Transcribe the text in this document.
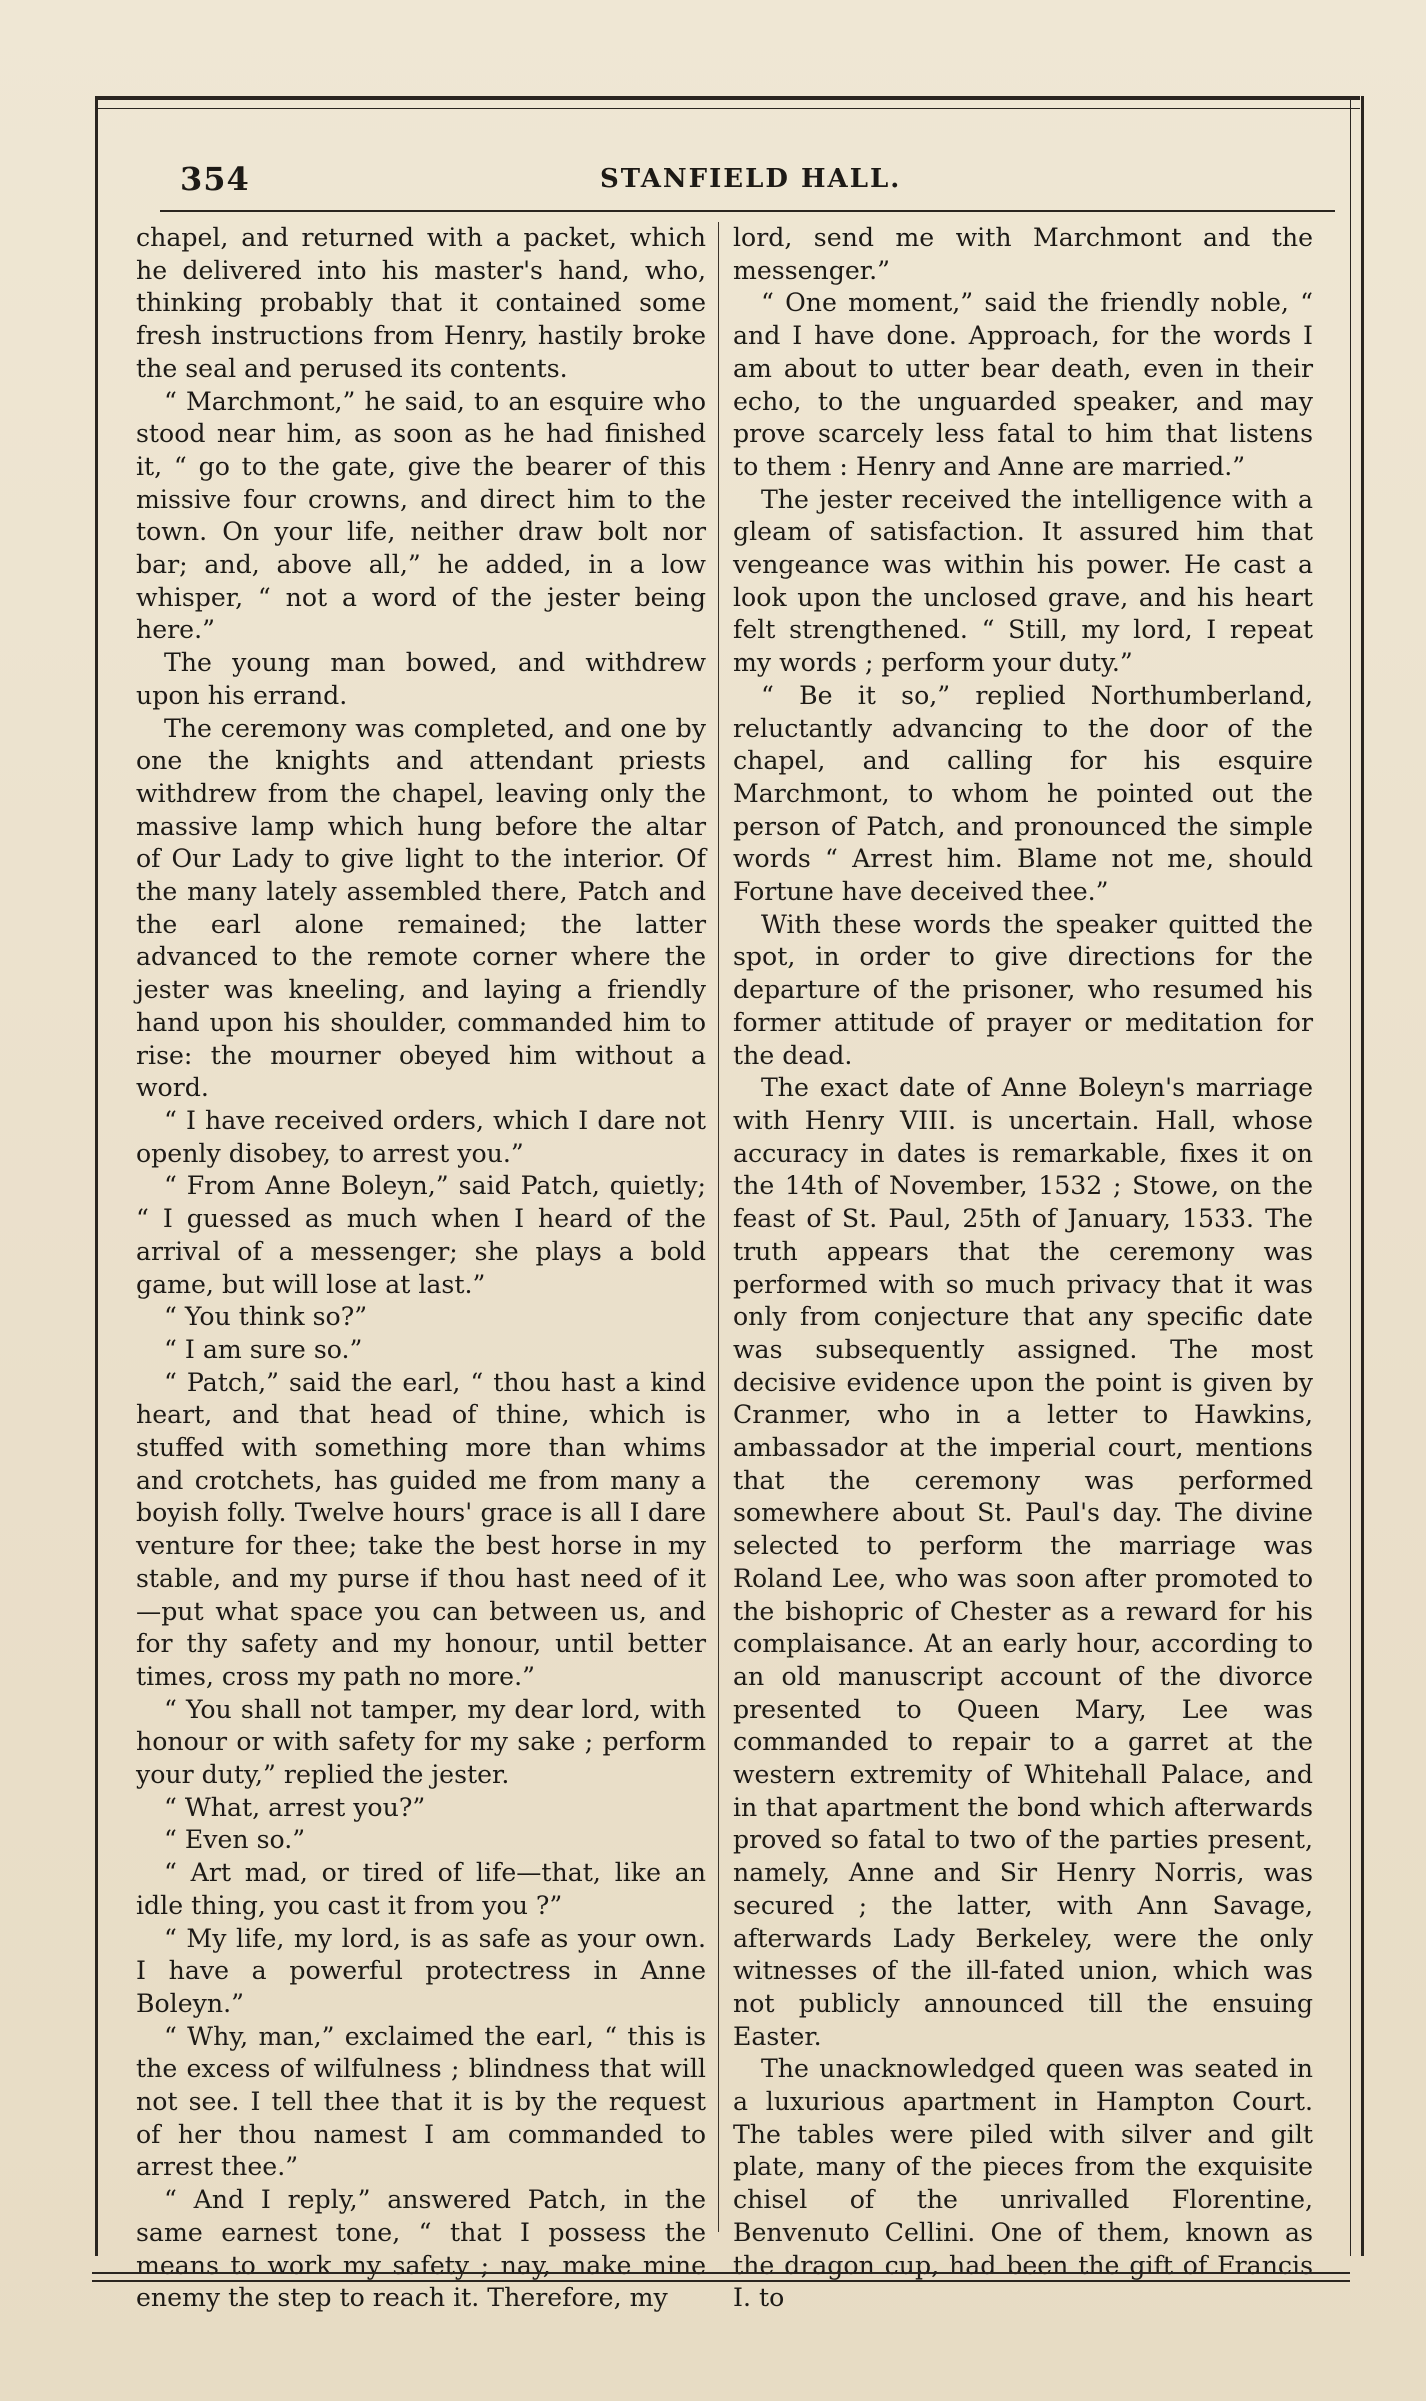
354	STANFIELD HALL.

chapel, and returned with a packet, which he delivered into his master's hand, who, thinking probably that it contained some fresh instructions from Henry, hastily broke the seal and perused its contents.

“ Marchmont,” he said, to an esquire who stood near him, as soon as he had finished it, “ go to the gate, give the bearer of this missive four crowns, and direct him to the town. On your life, neither draw bolt nor bar; and, above all,” he added, in a low whisper, “ not a word of the jester being here.”

The young man bowed, and withdrew upon his errand.

The ceremony was completed, and one by one the knights and attendant priests withdrew from the chapel, leaving only the massive lamp which hung before the altar of Our Lady to give light to the interior. Of the many lately assembled there, Patch and the earl alone remained; the latter advanced to the remote corner where the jester was kneeling, and laying a friendly hand upon his shoulder, commanded him to rise: the mourner obeyed him without a word.

“ I have received orders, which I dare not openly disobey, to arrest you.”

“ From Anne Boleyn,” said Patch, quietly; “ I guessed as much when I heard of the arrival of a messenger; she plays a bold game, but will lose at last.”

“ You think so?”

“ I am sure so.”

“ Patch,” said the earl, “ thou hast a kind heart, and that head of thine, which is stuffed with something more than whims and crotchets, has guided me from many a boyish folly. Twelve hours' grace is all I dare venture for thee; take the best horse in my stable, and my purse if thou hast need of it—put what space you can between us, and for thy safety and my honour, until better times, cross my path no more.”

“ You shall not tamper, my dear lord, with honour or with safety for my sake ; perform your duty,” replied the jester.

“ What, arrest you?”

“ Even so.”

“ Art mad, or tired of life—that, like an idle thing, you cast it from you ?”

“ My life, my lord, is as safe as your own. I have a powerful protectress in Anne Boleyn.”

“ Why, man,” exclaimed the earl, “ this is the excess of wilfulness ; blindness that will not see. I tell thee that it is by the request of her thou namest I am commanded to arrest thee.”

“ And I reply,” answered Patch, in the same earnest tone, “ that I possess the means to work my safety ; nay, make mine enemy the step to reach it. Therefore, my

lord, send me with Marchmont and the messenger.”

“ One moment,” said the friendly noble, “ and I have done. Approach, for the words I am about to utter bear death, even in their echo, to the unguarded speaker, and may prove scarcely less fatal to him that listens to them : Henry and Anne are married.”

The jester received the intelligence with a gleam of satisfaction. It assured him that vengeance was within his power. He cast a look upon the unclosed grave, and his heart felt strengthened. “ Still, my lord, I repeat my words ; perform your duty.”

“ Be it so,” replied Northumberland, reluctantly advancing to the door of the chapel, and calling for his esquire Marchmont, to whom he pointed out the person of Patch, and pronounced the simple words “ Arrest him. Blame not me, should Fortune have deceived thee.”

With these words the speaker quitted the spot, in order to give directions for the departure of the prisoner, who resumed his former attitude of prayer or meditation for the dead.

The exact date of Anne Boleyn's marriage with Henry VIII. is uncertain. Hall, whose accuracy in dates is remarkable, fixes it on the 14th of November, 1532 ; Stowe, on the feast of St. Paul, 25th of January, 1533. The truth appears that the ceremony was performed with so much privacy that it was only from conjecture that any specific date was subsequently assigned. The most decisive evidence upon the point is given by Cranmer, who in a letter to Hawkins, ambassador at the imperial court, mentions that the ceremony was performed somewhere about St. Paul's day. The divine selected to perform the marriage was Roland Lee, who was soon after promoted to the bishopric of Chester as a reward for his complaisance. At an early hour, according to an old manuscript account of the divorce presented to Queen Mary, Lee was commanded to repair to a garret at the western extremity of Whitehall Palace, and in that apartment the bond which afterwards proved so fatal to two of the parties present, namely, Anne and Sir Henry Norris, was secured ; the latter, with Ann Savage, afterwards Lady Berkeley, were the only witnesses of the ill-fated union, which was not publicly announced till the ensuing Easter.

The unacknowledged queen was seated in a luxurious apartment in Hampton Court. The tables were piled with silver and gilt plate, many of the pieces from the exquisite chisel of the unrivalled Florentine, Benvenuto Cellini. One of them, known as the dragon cup, had been the gift of Francis I. to
